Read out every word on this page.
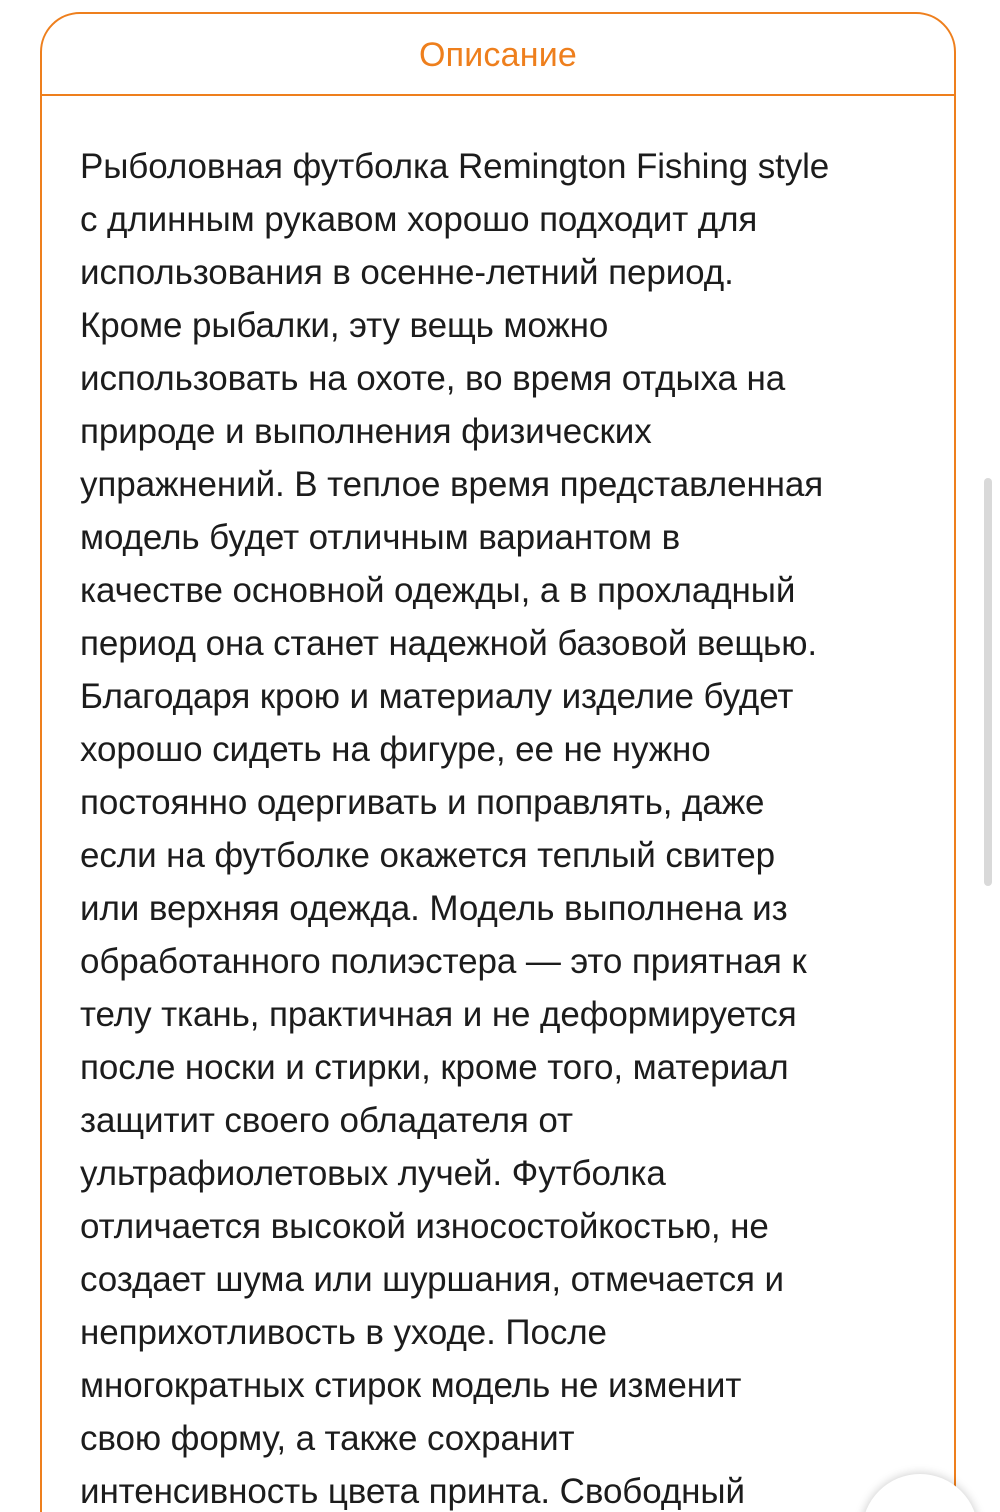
Описание
Рыболовная футболка Remington Fishing style
с длинным рукавом хорошо подходит для
использования в осенне-летний период.
Кроме рыбалки, эту вещь можно
использовать на охоте, во время отдыха на
природе и выполнения физических
упражнений. В теплое время представленная
модель будет отличным вариантом в
качестве основной одежды, а в прохладный
период она станет надежной базовой вещью.
Благодаря крою и материалу изделие будет
хорошо сидеть на фигуре, ее не нужно
постоянно одергивать и поправлять, даже
если на футболке окажется теплый свитер
или верхняя одежда. Модель выполнена из
обработанного полиэстера — это приятная к
телу ткань, практичная и не деформируется
после носки и стирки, кроме того, материал
защитит своего обладателя от
ультрафиолетовых лучей. Футболка
отличается высокой износостойкостью, не
создает шума или шуршания, отмечается и
неприхотливость в уходе. После
многократных стирок модель не изменит
свою форму, а также сохранит
интенсивность цвета принта. Свободный
